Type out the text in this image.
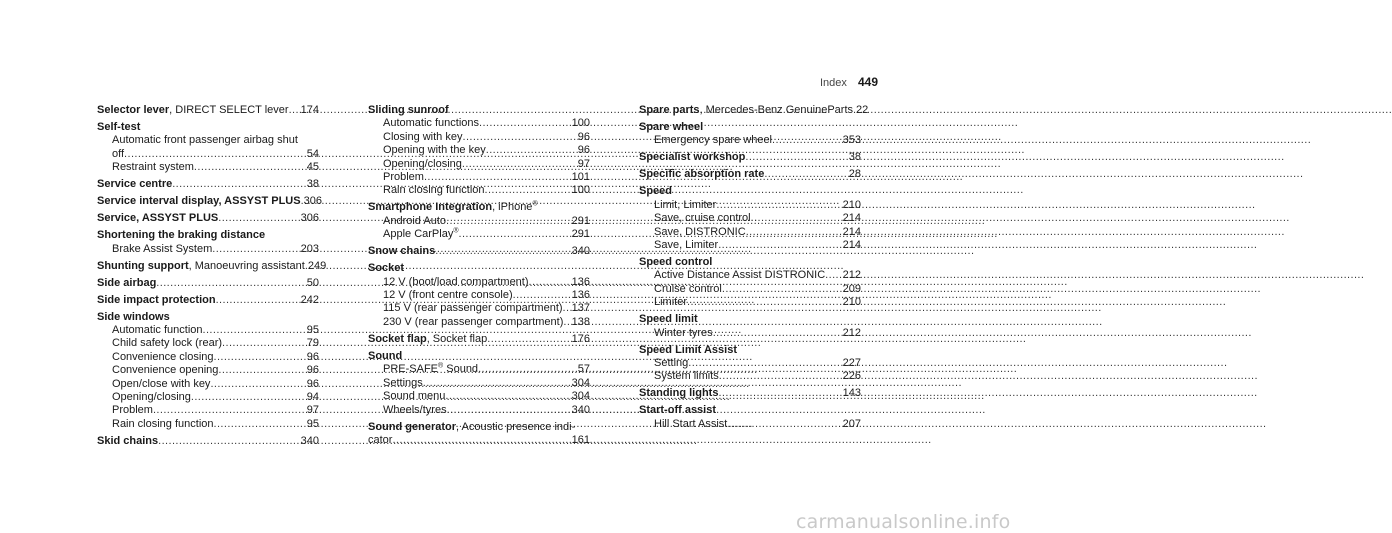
Index 449
Selector lever, DIRECT SELECT lever ..... 174
Self-test
Automatic front passenger airbag shut
off .....	54
Restraint system .....	45
Service centre .....	38
Service interval display, ASSYST PLUS 306
Service, ASSYST PLUS .....	306
Shortening the braking distance
Brake Assist System .....	203
Shunting support, Manoeuvring assistant 249
Side airbag .....	50
Side impact protection .....	242
Side windows
Automatic function .....	95
Child safety lock (rear) .....	79
Convenience closing .....	96
Convenience opening .....	96
Open/close with key .....	96
Opening/closing .....	94
Problem .....	97
Rain closing function .....	95
Skid chains .....	340
Sliding sunroof
Automatic functions .....	100
Closing with key .....	96
Opening with the key .....	96
Opening/closing .....	97
Problem .....	101
Rain closing function .....	100
Smartphone Integration, iPhone®
Android Auto .....	291
Apple CarPlay® .....	291
Snow chains .....	340
Socket
12 V (boot/load compartment) .....	136
12 V (front centre console) .....	136
115 V (rear passenger compartment) ..... 137
230 V (rear passenger compartment) ..... 138
Socket flap, Socket flap .....	176
Sound
PRE-SAFE® Sound .....	57
Settings .....	304
Sound menu .....	304
Wheels/tyres .....	340
Sound generator, Acoustic presence indi-
cator .....	161
Spare parts, Mercedes-Benz GenuineParts 22
Spare wheel
Emergency spare wheel .....	353
Specialist workshop .....	38
Specific absorption rate .....	28
Speed
Limit, Limiter .....	210
Save, cruise control .....	214
Save, DISTRONIC .....	214
Save, Limiter .....	214
Speed control
Active Distance Assist DISTRONIC ..... 212
Cruise control .....	209
Limiter .....	210
Speed limit
Winter tyres .....	212
Speed Limit Assist
Setting .....	227
System limits .....	226
Standing lights .....	143
Start-off assist
Hill Start Assist .....	207
carmanualsonline.info
